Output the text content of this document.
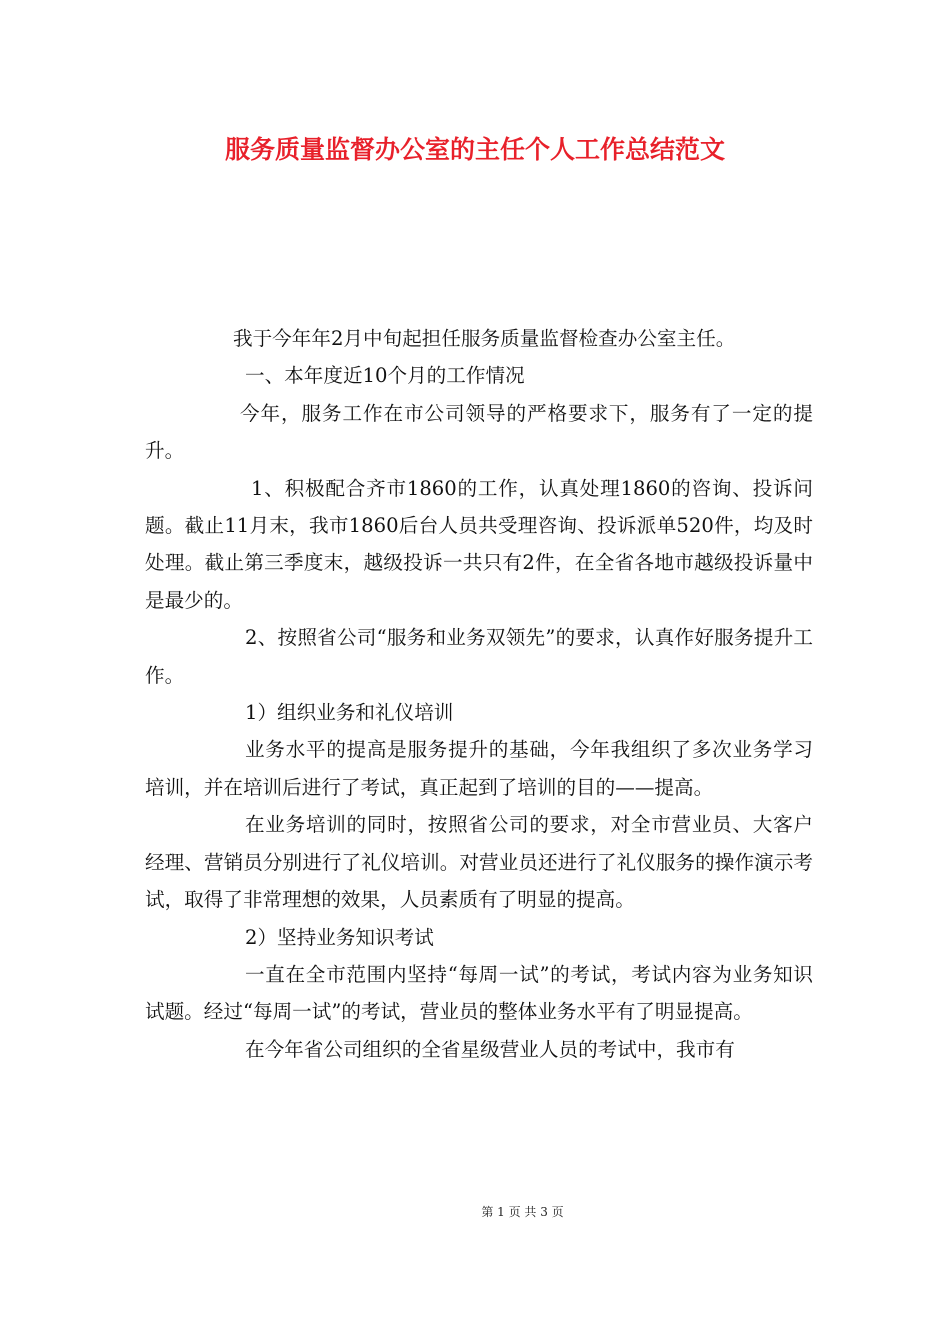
服务质量监督办公室的主任个人工作总结范文

我于今年年2月中旬起担任服务质量监督检查办公室主任。

一、本年度近10个月的工作情况

今年，服务工作在市公司领导的严格要求下，服务有了一定的提升。

1、积极配合齐市1860的工作，认真处理1860的咨询、投诉问题。截止11月末，我市1860后台人员共受理咨询、投诉派单520件，均及时处理。截止第三季度末，越级投诉一共只有2件，在全省各地市越级投诉量中是最少的。

2、按照省公司“服务和业务双领先”的要求，认真作好服务提升工作。

1）组织业务和礼仪培训

业务水平的提高是服务提升的基础，今年我组织了多次业务学习培训，并在培训后进行了考试，真正起到了培训的目的——提高。

在业务培训的同时，按照省公司的要求，对全市营业员、大客户经理、营销员分别进行了礼仪培训。对营业员还进行了礼仪服务的操作演示考试，取得了非常理想的效果，人员素质有了明显的提高。

2）坚持业务知识考试

一直在全市范围内坚持“每周一试”的考试，考试内容为业务知识试题。经过“每周一试”的考试，营业员的整体业务水平有了明显提高。

在今年省公司组织的全省星级营业人员的考试中，我市有

第 1 页 共 3 页
